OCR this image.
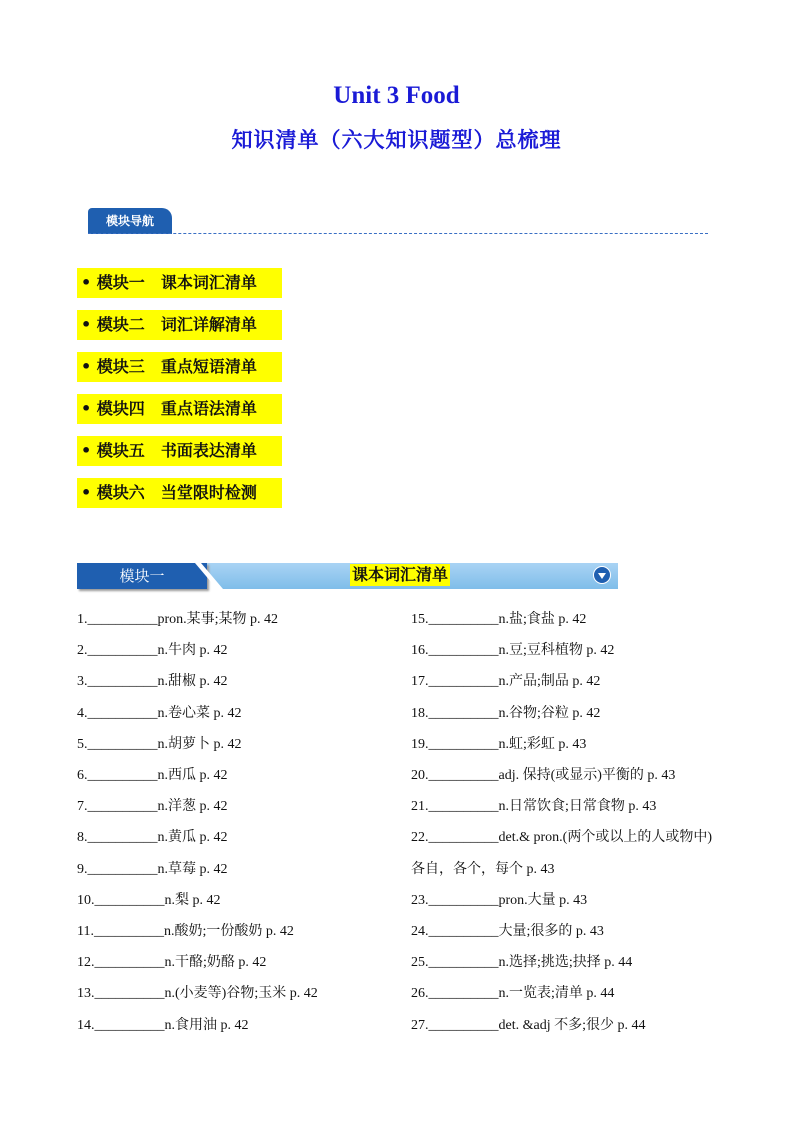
Unit 3 Food
知识清单（六大知识题型）总梳理
模块导航
• 模块一 课本词汇清单
• 模块二 词汇详解清单
• 模块三 重点短语清单
• 模块四 重点语法清单
• 模块五 书面表达清单
• 模块六 当堂限时检测
模块一	课本词汇清单
1.__________pron.某事;某物 p. 42
2.__________n.牛肉 p. 42
3.__________n.甜椒 p. 42
4.__________n.卷心菜 p. 42
5.__________n.胡萝卜 p. 42
6.__________n.西瓜 p. 42
7.__________n.洋葱 p. 42
8.__________n.黄瓜 p. 42
9.__________n.草莓 p. 42
10.__________n.梨 p. 42
11.__________n.酸奶;一份酸奶 p. 42
12.__________n.干酪;奶酪 p. 42
13.__________n.(小麦等)谷物;玉米 p. 42
14.__________n.食用油 p. 42
15.__________n.盐;食盐 p. 42
16.__________n.豆;豆科植物 p. 42
17.__________n.产品;制品 p. 42
18.__________n.谷物;谷粒 p. 42
19.__________n.虹;彩虹 p. 43
20.__________adj. 保持(或显示)平衡的 p. 43
21.__________n.日常饮食;日常食物 p. 43
22.__________det.& pron.(两个或以上的人或物中)各自，各个，每个 p. 43
23.__________pron.大量 p. 43
24.__________大量;很多的 p. 43
25.__________n.选择;挑选;抉择 p. 44
26.__________n.一览表;清单 p. 44
27.__________det. &adj 不多;很少 p. 44
